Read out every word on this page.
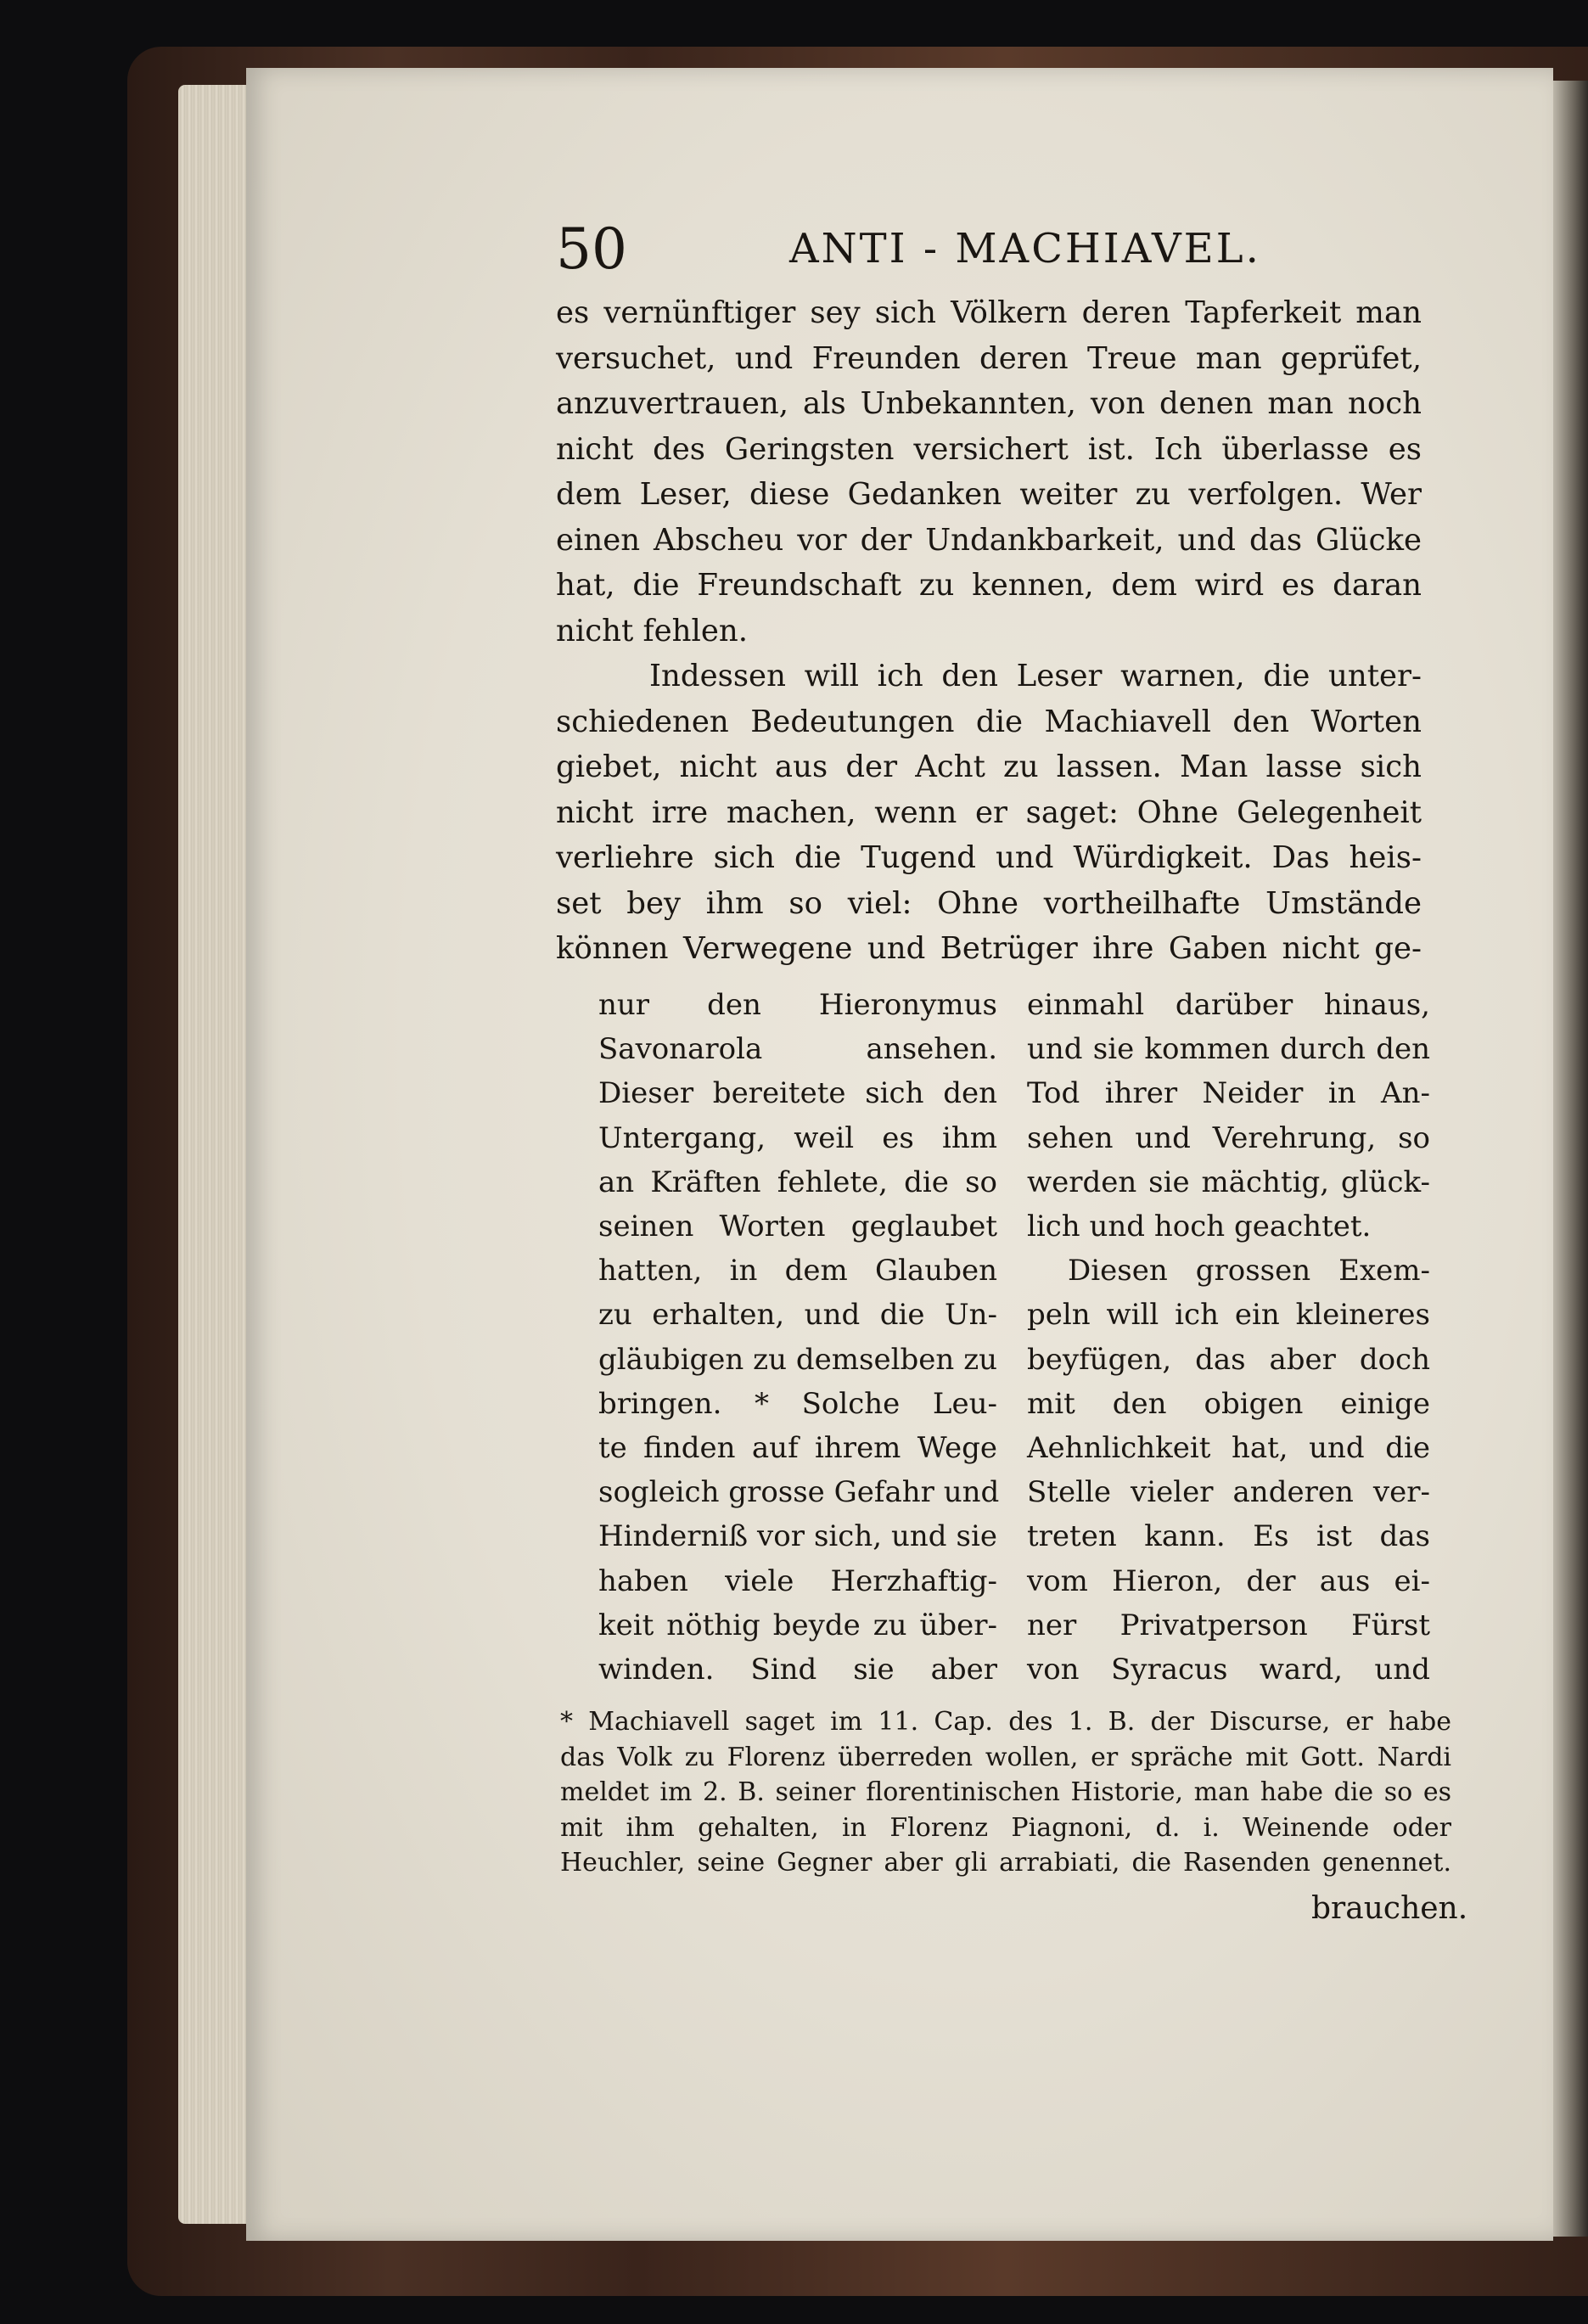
50	ANTI - MACHIAVEL.
es vernünftiger sey sich Völkern deren Tapferkeit man
versuchet, und Freunden deren Treue man geprüfet,
anzuvertrauen, als Unbekannten, von denen man noch
nicht des Geringsten versichert ist. Ich überlasse es
dem Leser, diese Gedanken weiter zu verfolgen. Wer
einen Abscheu vor der Undankbarkeit, und das Glücke
hat, die Freundschaft zu kennen, dem wird es daran
nicht fehlen.
Indessen will ich den Leser warnen, die unter-
schiedenen Bedeutungen die Machiavell den Worten
giebet, nicht aus der Acht zu lassen. Man lasse sich
nicht irre machen, wenn er saget: Ohne Gelegenheit
verliehre sich die Tugend und Würdigkeit. Das heis-
set bey ihm so viel: Ohne vortheilhafte Umstände
können Verwegene und Betrüger ihre Gaben nicht ge-
nur den Hieronymus
Savonarola ansehen.
Dieser bereitete sich den
Untergang, weil es ihm
an Kräften fehlete, die so
seinen Worten geglaubet
hatten, in dem Glauben
zu erhalten, und die Un-
gläubigen zu demselben zu
bringen. * Solche Leu-
te finden auf ihrem Wege
sogleich grosse Gefahr und
Hinderniß vor sich, und sie
haben viele Herzhaftig-
keit nöthig beyde zu über-
winden. Sind sie aber
einmahl darüber hinaus,
und sie kommen durch den
Tod ihrer Neider in An-
sehen und Verehrung, so
werden sie mächtig, glück-
lich und hoch geachtet.
Diesen grossen Exem-
peln will ich ein kleineres
beyfügen, das aber doch
mit den obigen einige
Aehnlichkeit hat, und die
Stelle vieler anderen ver-
treten kann. Es ist das
vom Hieron, der aus ei-
ner Privatperson Fürst
von Syracus ward, und
* Machiavell saget im 11. Cap. des 1. B. der Discurse, er habe
das Volk zu Florenz überreden wollen, er spräche mit Gott. Nardi
meldet im 2. B. seiner florentinischen Historie, man habe die so es
mit ihm gehalten, in Florenz Piagnoni, d. i. Weinende oder
Heuchler, seine Gegner aber gli arrabiati, die Rasenden genennet.
brauchen.
